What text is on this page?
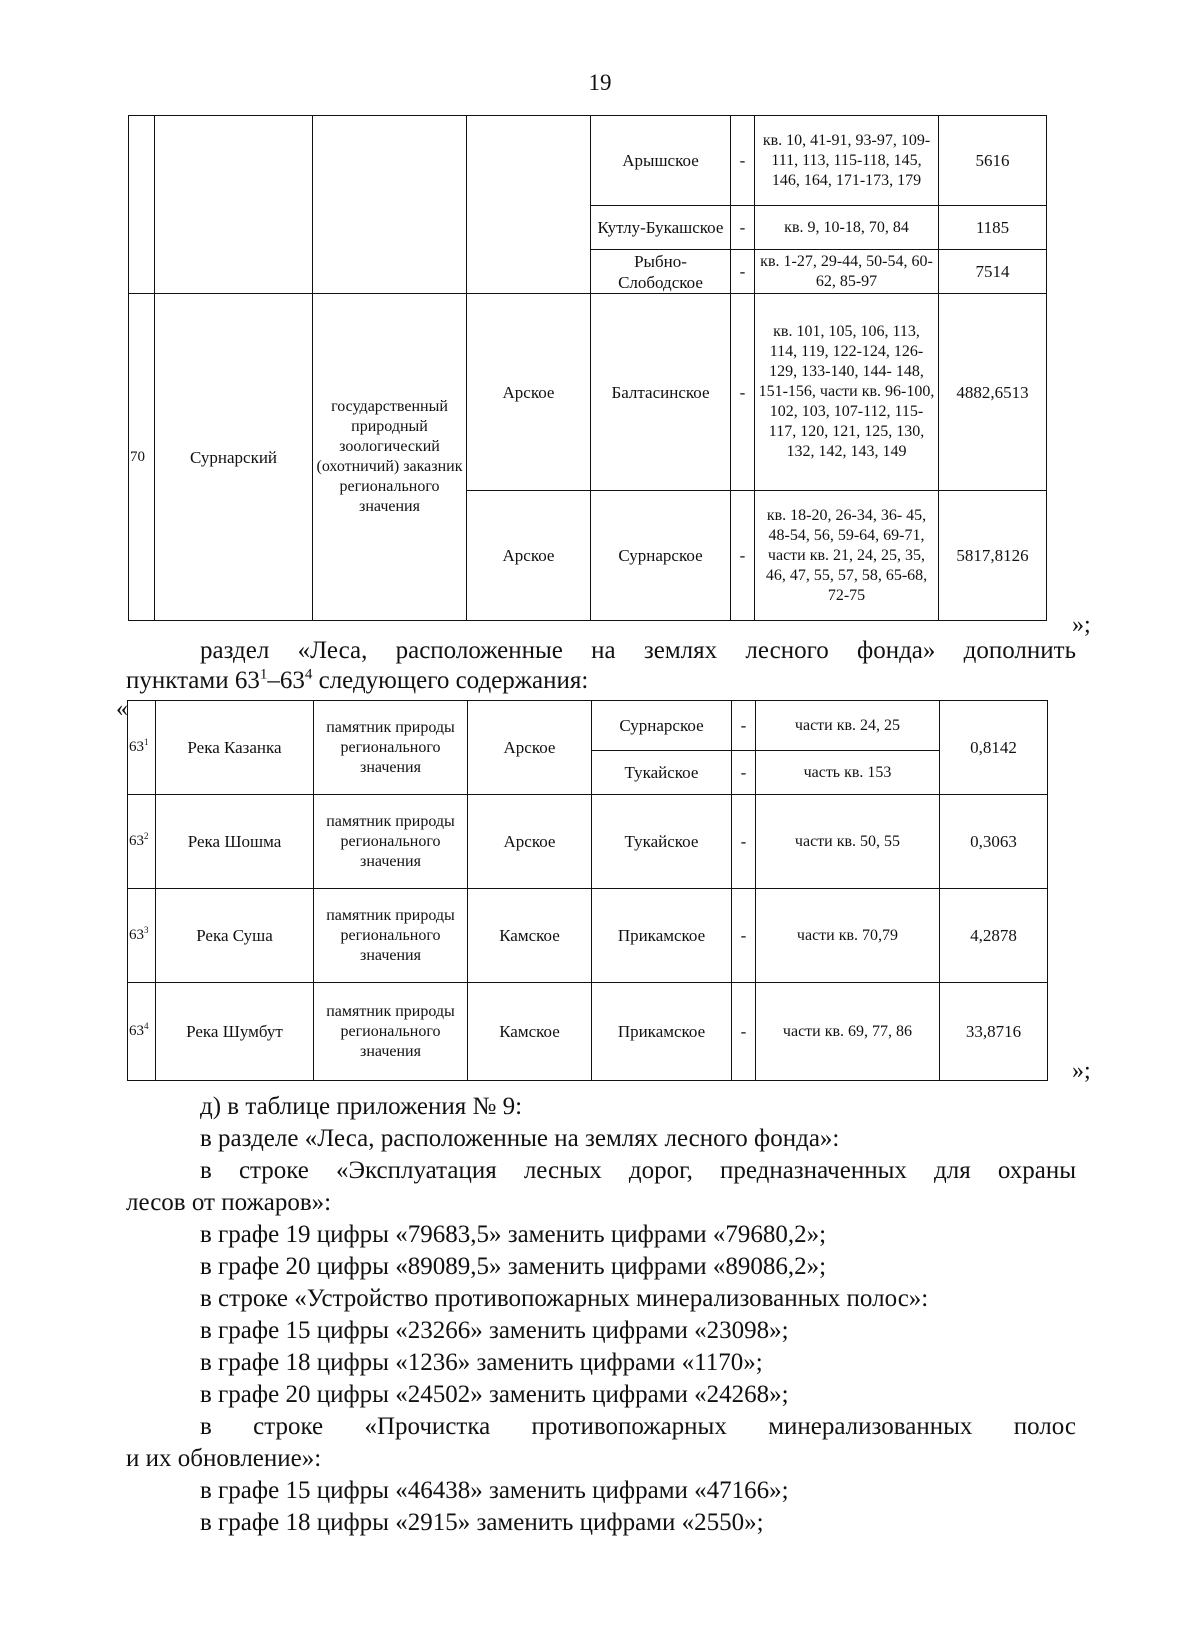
19
				Арышское	-	кв. 10, 41-91, 93-97, 109-111, 113, 115-118, 145, 146, 164, 171-173, 179	5616
				Кутлу-Букашское	-	кв. 9, 10-18, 70, 84	1185
				Рыбно-Слободское	-	кв. 1-27, 29-44, 50-54, 60-62, 85-97	7514
70	Сурнарский	государственный природный зоологический (охотничий) заказник регионального значения	Арское	Балтасинское	-	кв. 101, 105, 106, 113, 114, 119, 122-124, 126-129, 133-140, 144- 148, 151-156, части кв. 96-100, 102, 103, 107-112, 115-117, 120, 121, 125, 130, 132, 142, 143, 149	4882,6513
			Арское	Сурнарское	-	кв. 18-20, 26-34, 36- 45, 48-54, 56, 59-64, 69-71, части кв. 21, 24, 25, 35, 46, 47, 55, 57, 58, 65-68, 72-75	5817,8126
»;
раздел «Леса, расположенные на землях лесного фонда» дополнить
пунктами $63^1-63^4$ следующего содержания:
«
$63^1$	Река Казанка	памятник природы регионального значения	Арское	Сурнарское	-	части кв. 24, 25	0,8142
				Тукайское	-	часть кв. 153	
$63^2$	Река Шошма	памятник природы регионального значения	Арское	Тукайское	-	части кв. 50, 55	0,3063
$63^3$	Река Суша	памятник природы регионального значения	Камское	Прикамское	-	части кв. 70,79	4,2878
$63^4$	Река Шумбут	памятник природы регионального значения	Камское	Прикамское	-	части кв. 69, 77, 86	33,8716
»;
д) в таблице приложения № 9:
в разделе «Леса, расположенные на землях лесного фонда»:
в строке «Эксплуатация лесных дорог, предназначенных для охраны
лесов от пожаров»:
в графе 19 цифры «79683,5» заменить цифрами «79680,2»;
в графе 20 цифры «89089,5» заменить цифрами «89086,2»;
в строке «Устройство противопожарных минерализованных полос»:
в графе 15 цифры «23266» заменить цифрами «23098»;
в графе 18 цифры «1236» заменить цифрами «1170»;
в графе 20 цифры «24502» заменить цифрами «24268»;
в строке «Прочистка противопожарных минерализованных полос
и их обновление»:
в графе 15 цифры «46438» заменить цифрами «47166»;
в графе 18 цифры «2915» заменить цифрами «2550»;
